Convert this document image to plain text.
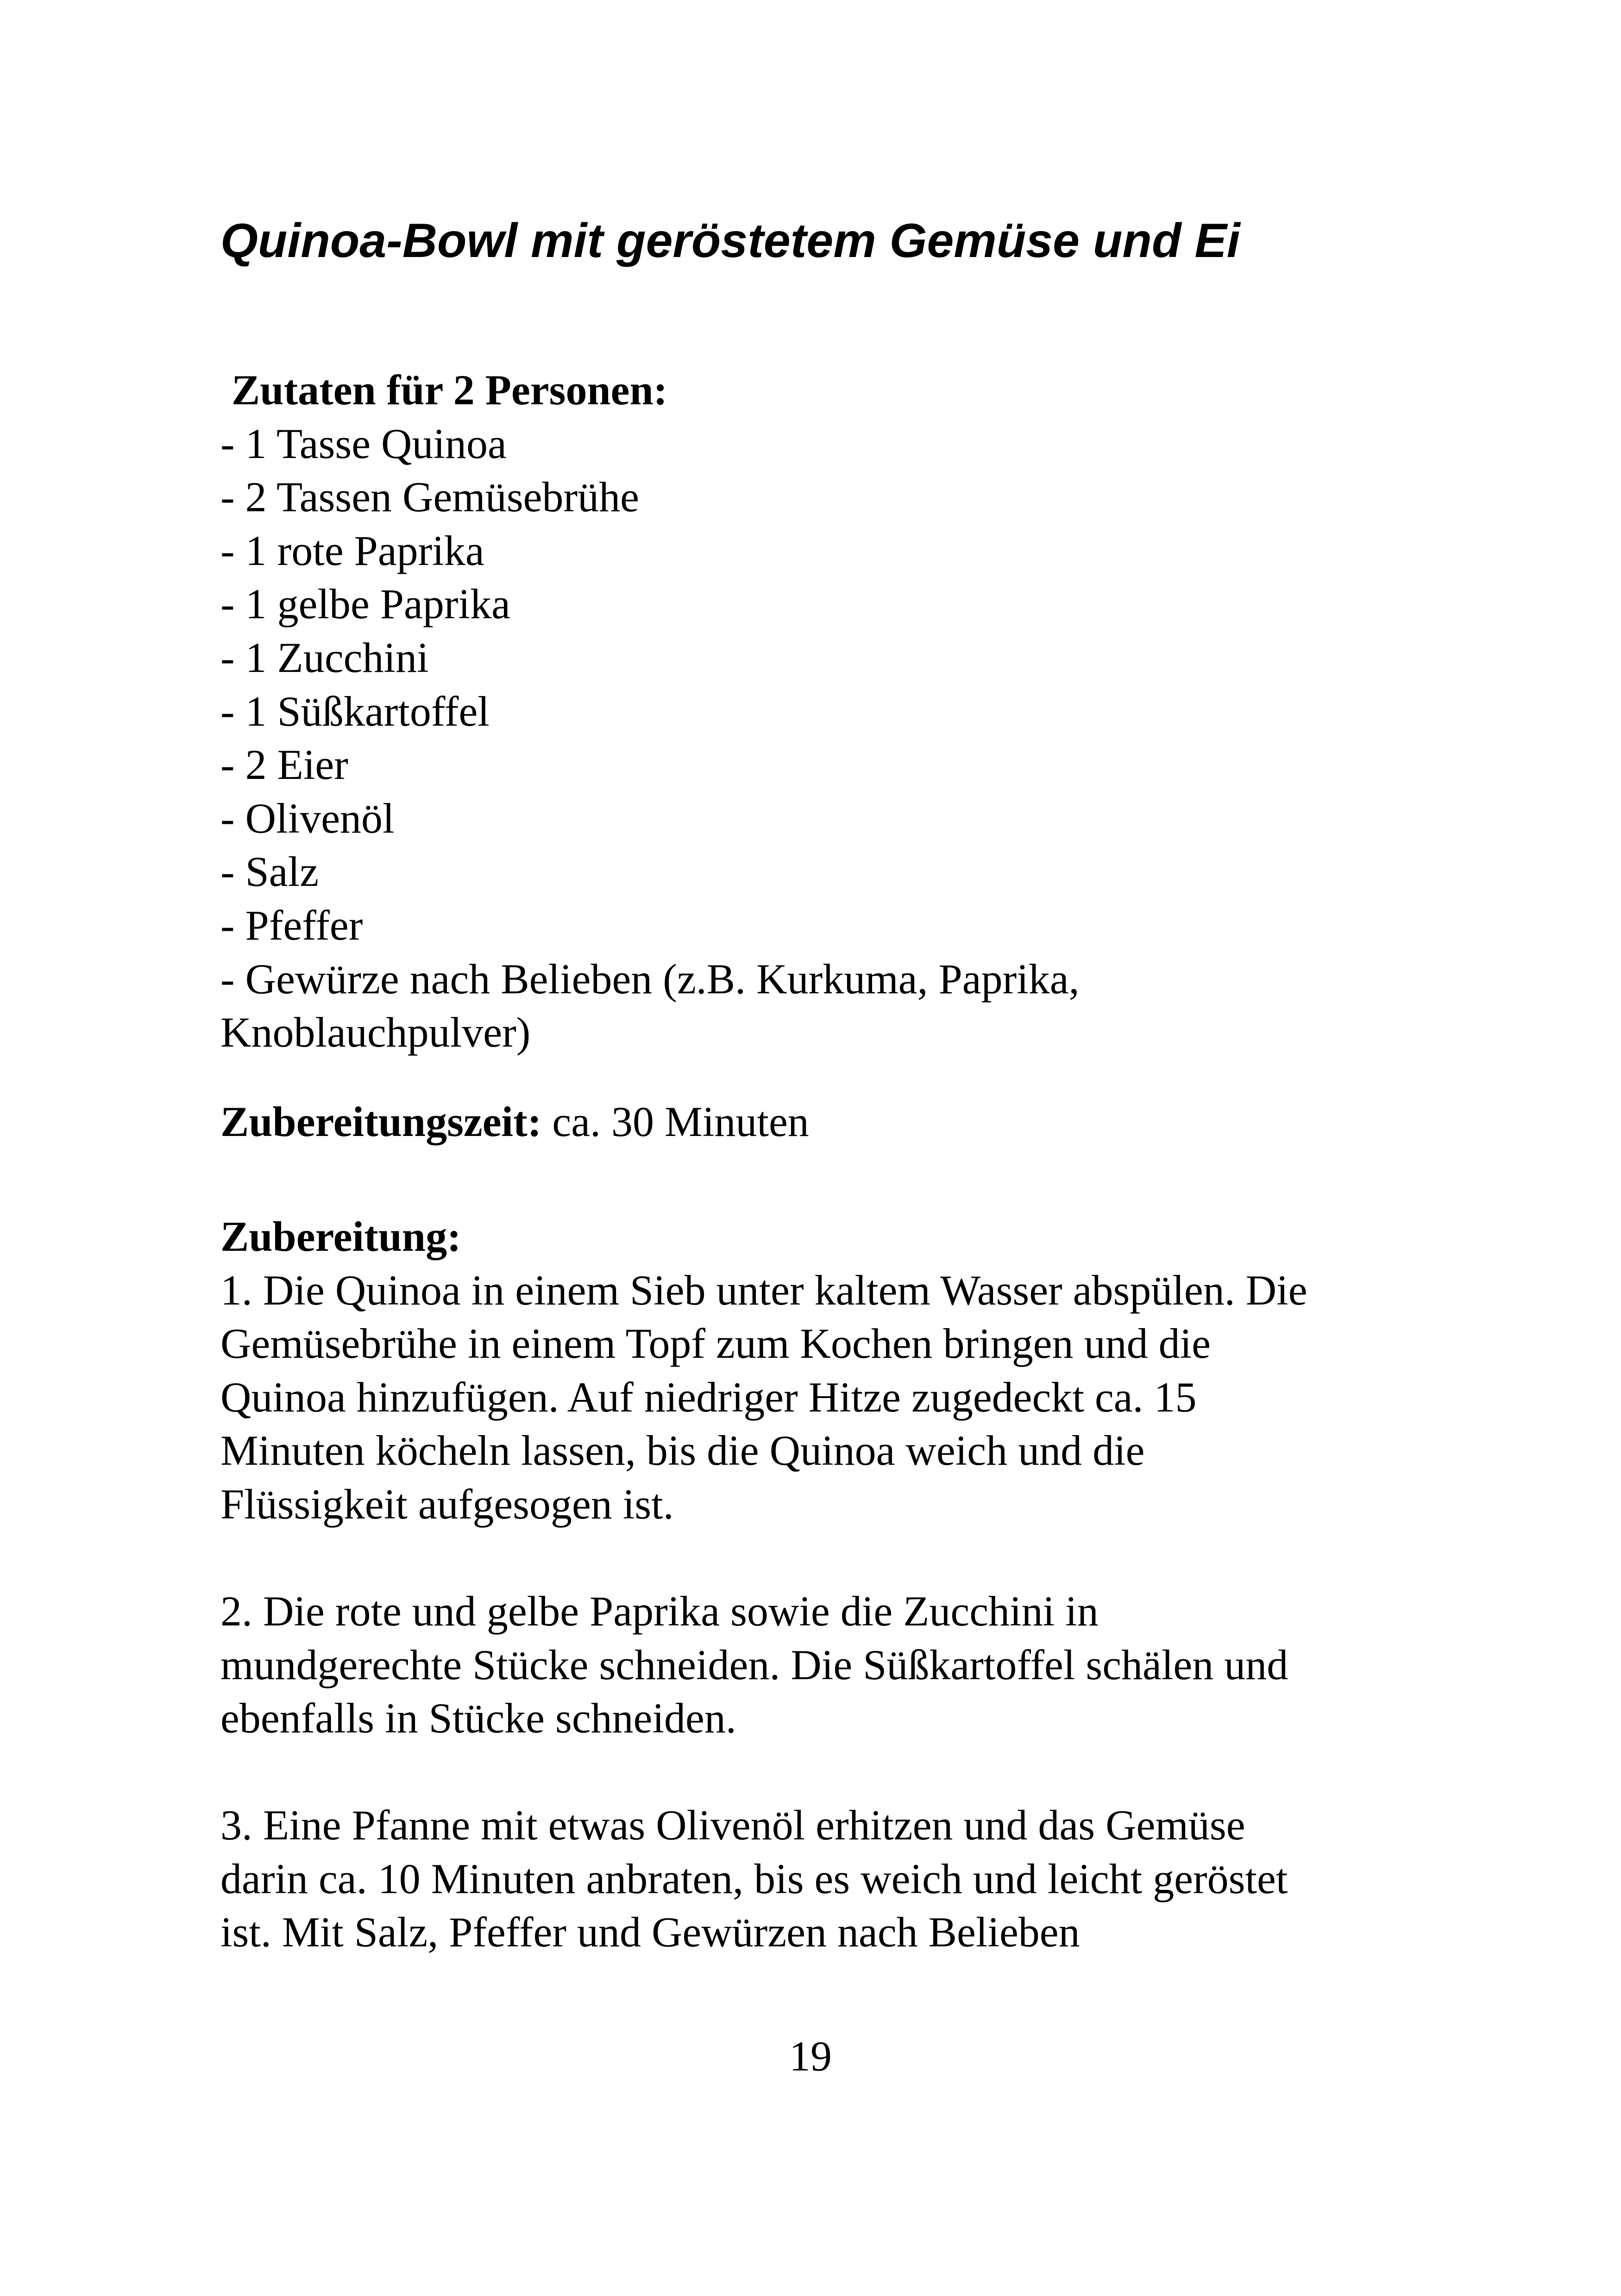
Quinoa-Bowl mit geröstetem Gemüse und Ei
Zutaten für 2 Personen:
- 1 Tasse Quinoa
- 2 Tassen Gemüsebrühe
- 1 rote Paprika
- 1 gelbe Paprika
- 1 Zucchini
- 1 Süßkartoffel
- 2 Eier
- Olivenöl
- Salz
- Pfeffer
- Gewürze nach Belieben (z.B. Kurkuma, Paprika,
Knoblauchpulver)
Zubereitungszeit: ca. 30 Minuten
Zubereitung:
1. Die Quinoa in einem Sieb unter kaltem Wasser abspülen. Die
Gemüsebrühe in einem Topf zum Kochen bringen und die
Quinoa hinzufügen. Auf niedriger Hitze zugedeckt ca. 15
Minuten köcheln lassen, bis die Quinoa weich und die
Flüssigkeit aufgesogen ist.
2. Die rote und gelbe Paprika sowie die Zucchini in
mundgerechte Stücke schneiden. Die Süßkartoffel schälen und
ebenfalls in Stücke schneiden.
3. Eine Pfanne mit etwas Olivenöl erhitzen und das Gemüse
darin ca. 10 Minuten anbraten, bis es weich und leicht geröstet
ist. Mit Salz, Pfeffer und Gewürzen nach Belieben
19
